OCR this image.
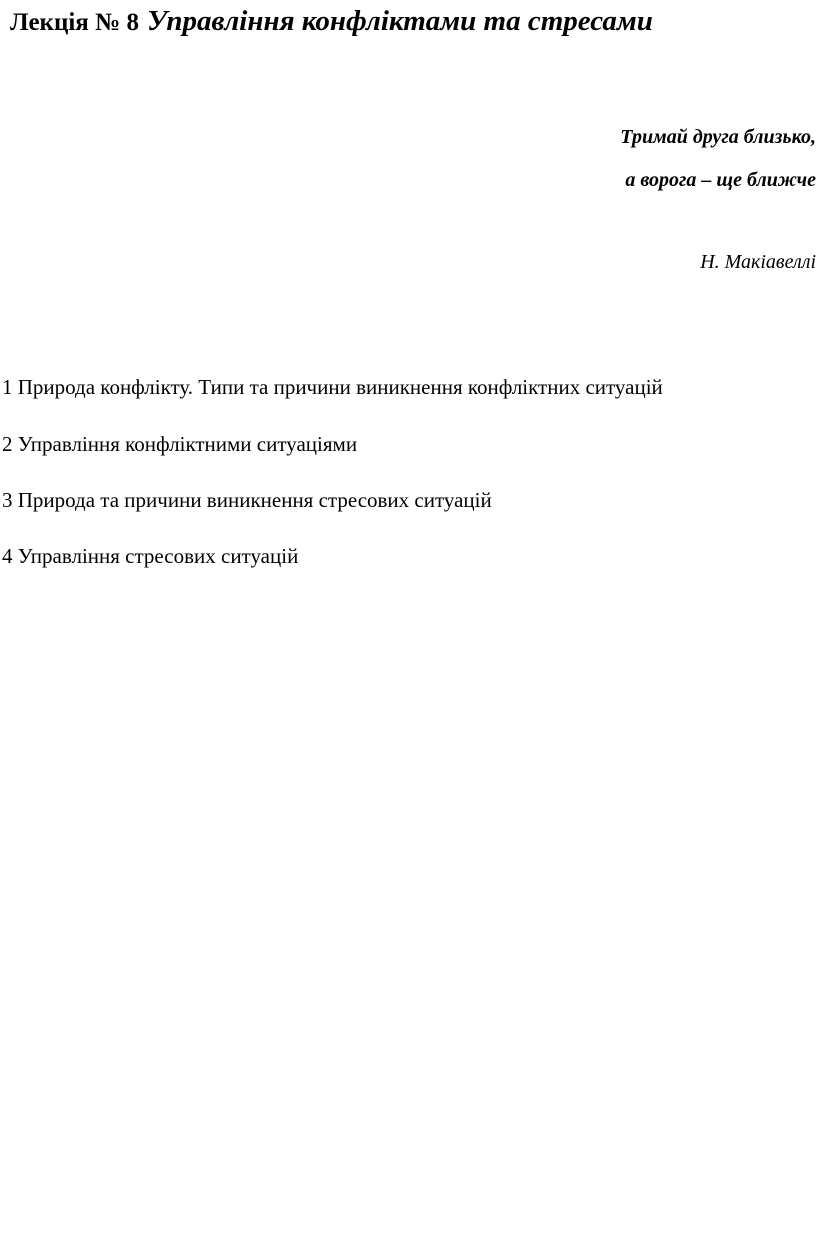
Лекція № 8 Управління конфліктами та стресами
Тримай друга близько,
а ворога – ще ближче
Н. Макіавеллі
1 Природа конфлікту. Типи та причини виникнення конфліктних ситуацій
2 Управління конфліктними ситуаціями
3 Природа та причини виникнення стресових ситуацій
4 Управління стресових ситуацій
